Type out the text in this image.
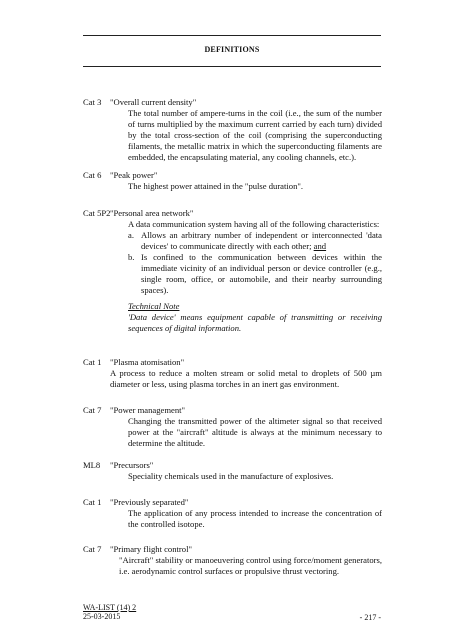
DEFINITIONS
Cat 3 "Overall current density"
The total number of ampere-turns in the coil (i.e., the sum of the number of turns multiplied by the maximum current carried by each turn) divided by the total cross-section of the coil (comprising the superconducting filaments, the metallic matrix in which the superconducting filaments are embedded, the encapsulating material, any cooling channels, etc.).
Cat 6 "Peak power"
The highest power attained in the "pulse duration".
Cat 5P2 "Personal area network"
A data communication system having all of the following characteristics:
a. Allows an arbitrary number of independent or interconnected 'data devices' to communicate directly with each other; and
b. Is confined to the communication between devices within the immediate vicinity of an individual person or device controller (e.g., single room, office, or automobile, and their nearby surrounding spaces).
Technical Note
'Data device' means equipment capable of transmitting or receiving sequences of digital information.
Cat 1 "Plasma atomisation"
A process to reduce a molten stream or solid metal to droplets of 500 µm diameter or less, using plasma torches in an inert gas environment.
Cat 7 "Power management"
Changing the transmitted power of the altimeter signal so that received power at the "aircraft" altitude is always at the minimum necessary to determine the altitude.
ML8 "Precursors"
Speciality chemicals used in the manufacture of explosives.
Cat 1 "Previously separated"
The application of any process intended to increase the concentration of the controlled isotope.
Cat 7 "Primary flight control"
"Aircraft" stability or manoeuvering control using force/moment generators, i.e. aerodynamic control surfaces or propulsive thrust vectoring.
WA-LIST (14) 2
25-03-2015	- 217 -
